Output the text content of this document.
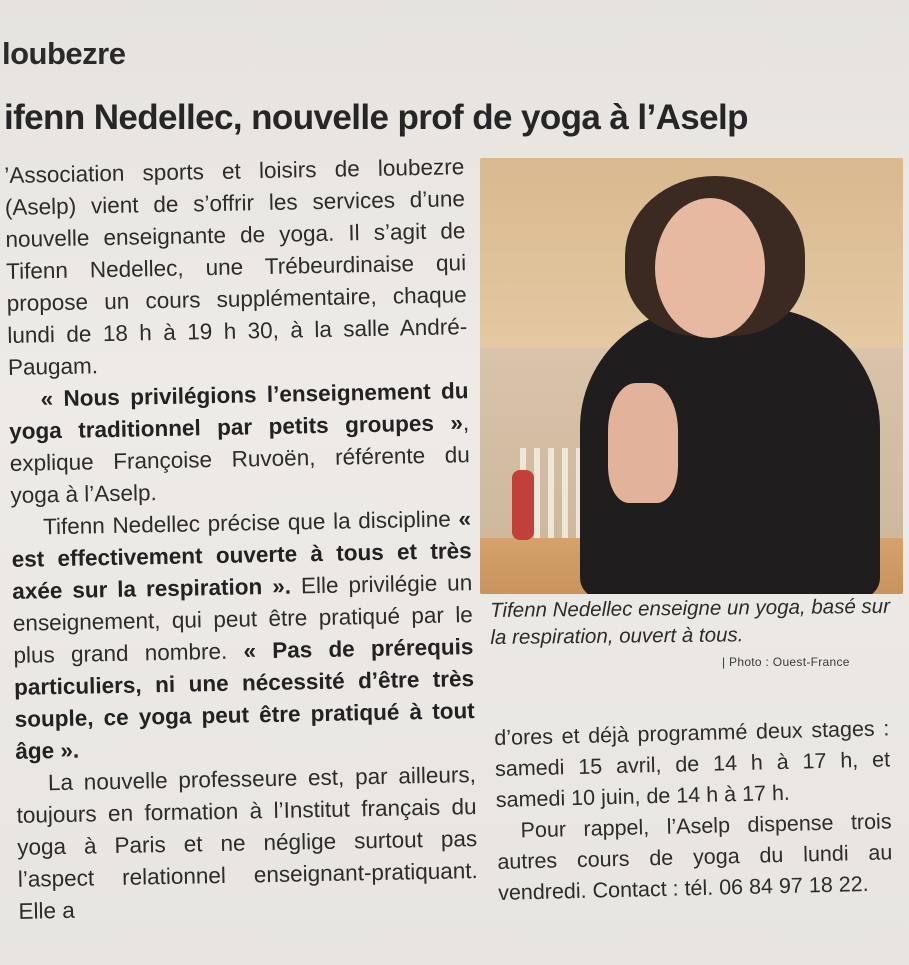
loubezre
ifenn Nedellec, nouvelle prof de yoga à l’Aselp

’Association sports et loisirs de loubezre (Aselp) vient de s’offrir les services d’une nouvelle enseignante de yoga. Il s’agit de Tifenn Nedellec, une Trébeurdinaise qui propose un cours supplémentaire, chaque lundi de 18 h à 19 h 30, à la salle André-Paugam.

« Nous privilégions l’enseignement du yoga traditionnel par petits groupes », explique Françoise Ruvoën, référente du yoga à l’Aselp.

Tifenn Nedellec précise que la discipline « est effectivement ouverte à tous et très axée sur la respiration ». Elle privilégie un enseignement, qui peut être pratiqué par le plus grand nombre. « Pas de prérequis particuliers, ni une nécessité d’être très souple, ce yoga peut être pratiqué à tout âge ».

La nouvelle professeure est, par ailleurs, toujours en formation à l’Institut français du yoga à Paris et ne néglige surtout pas l’aspect relationnel enseignant-pratiquant. Elle a

Tifenn Nedellec enseigne un yoga, basé sur la respiration, ouvert à tous.
| Photo : Ouest-France

d’ores et déjà programmé deux stages : samedi 15 avril, de 14 h à 17 h, et samedi 10 juin, de 14 h à 17 h.

Pour rappel, l’Aselp dispense trois autres cours de yoga du lundi au vendredi. Contact : tél. 06 84 97 18 22.
